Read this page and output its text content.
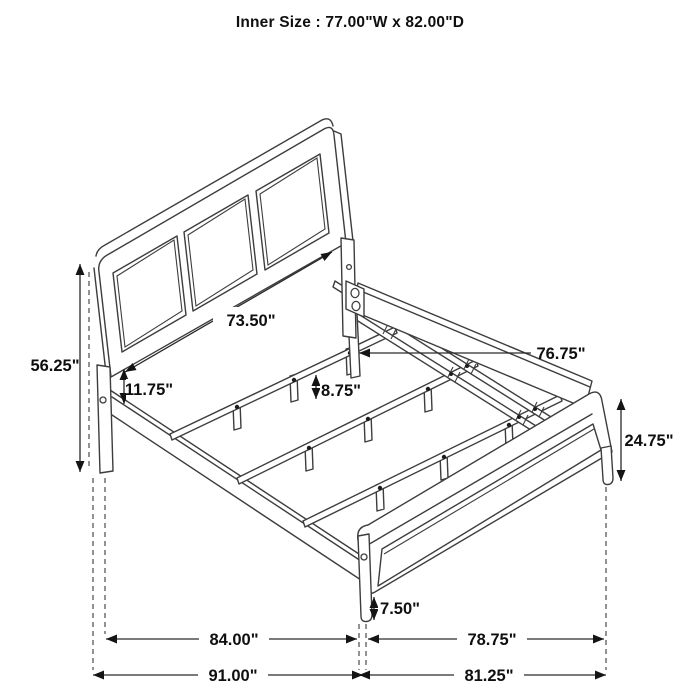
Inner Size : 77.00"W x 82.00"D
73.50"
76.75"
56.25"
11.75"	8.75"
24.75"
7.50"
84.00"
91.00"
78.75"
81.25"
